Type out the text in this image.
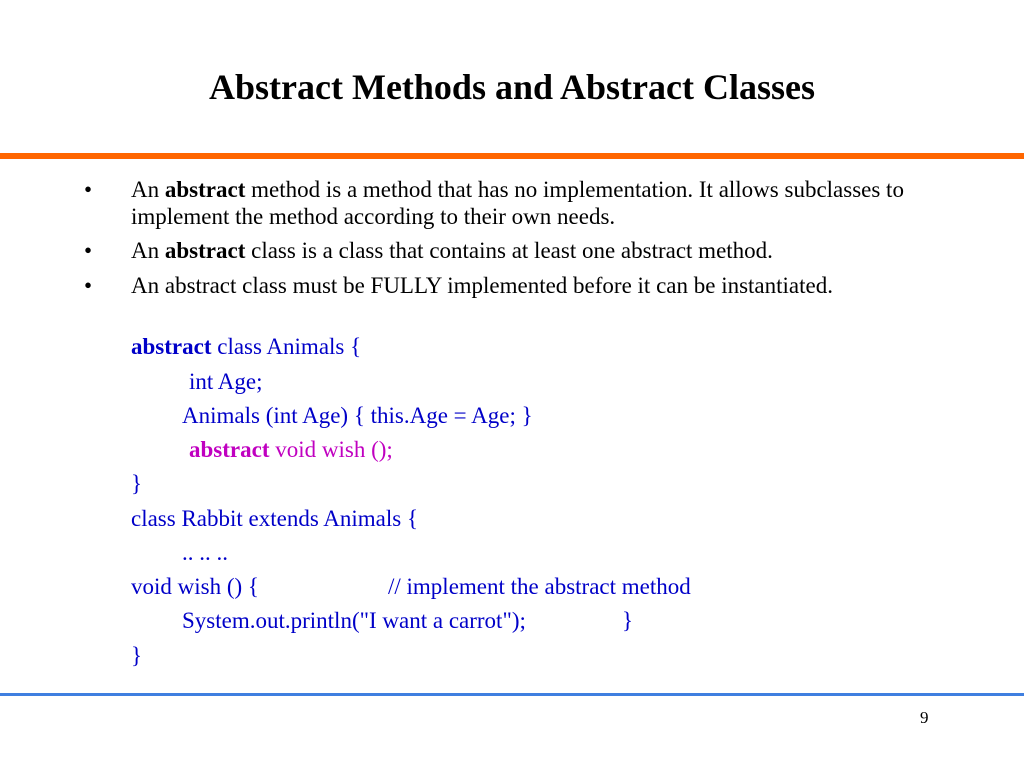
Abstract Methods and Abstract Classes
• An abstract method is a method that has no implementation. It allows subclasses to implement the method according to their own needs.
• An abstract class is a class that contains at least one abstract method.
• An abstract class must be FULLY implemented before it can be instantiated.
abstract class Animals {
int Age;
Animals (int Age) { this.Age = Age; }
abstract void wish ();
}
class Rabbit extends Animals {
.. .. ..
void wish () {	// implement the abstract method
System.out.println("I want a carrot");	}
}
9
